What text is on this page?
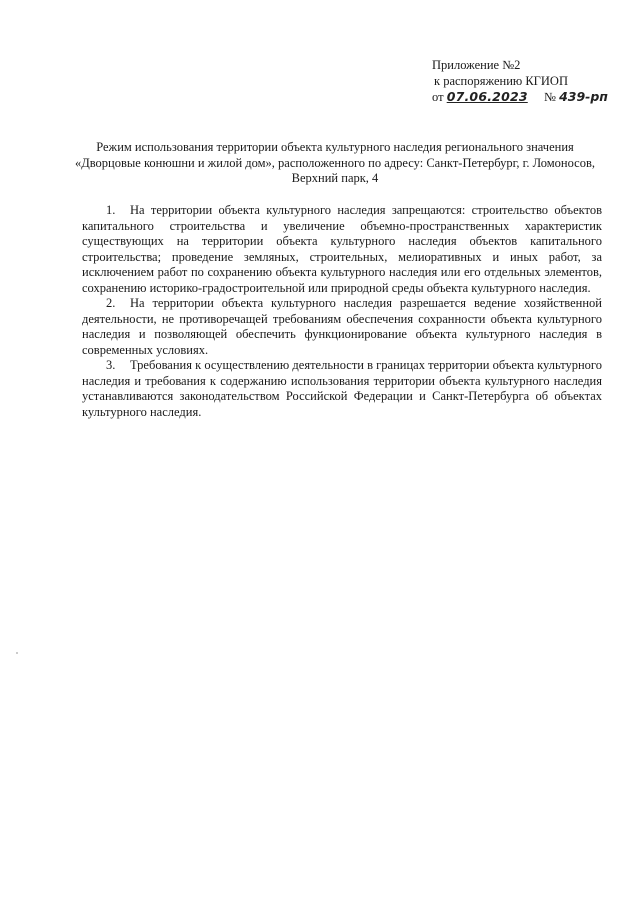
Приложение №2
к распоряжению КГИОП
от 07.06.2023 № 439-рп
Режим использования территории объекта культурного наследия регионального значения
«Дворцовые конюшни и жилой дом», расположенного по адресу: Санкт-Петербург, г. Ломоносов,
Верхний парк, 4

1. На территории объекта культурного наследия запрещаются: строительство объектов капитального строительства и увеличение объемно-пространственных характеристик существующих на территории объекта культурного наследия объектов капитального строительства; проведение земляных, строительных, мелиоративных и иных работ, за исключением работ по сохранению объекта культурного наследия или его отдельных элементов, сохранению историко-градостроительной или природной среды объекта культурного наследия.

2. На территории объекта культурного наследия разрешается ведение хозяйственной деятельности, не противоречащей требованиям обеспечения сохранности объекта культурного наследия и позволяющей обеспечить функционирование объекта культурного наследия в современных условиях.

3. Требования к осуществлению деятельности в границах территории объекта культурного наследия и требования к содержанию использования территории объекта культурного наследия устанавливаются законодательством Российской Федерации и Санкт-Петербурга об объектах культурного наследия.
